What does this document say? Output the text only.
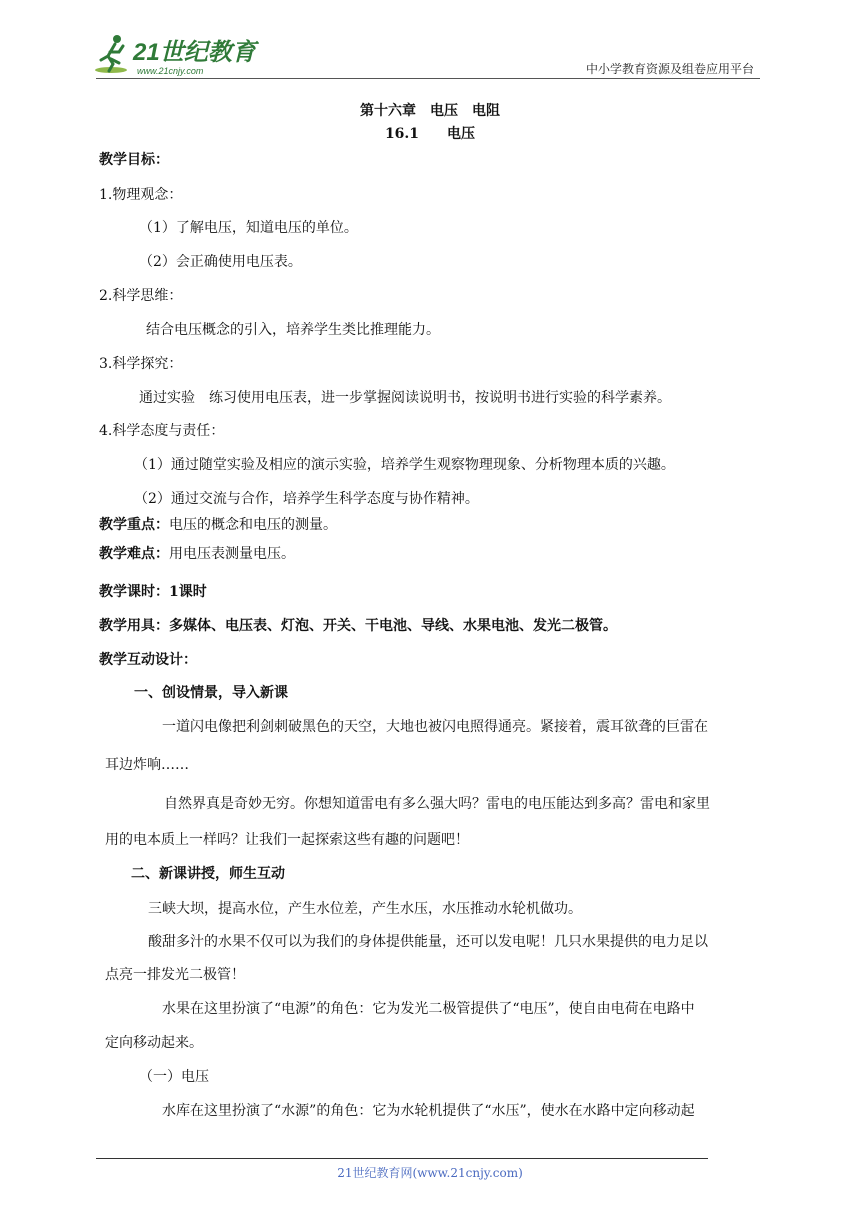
21世纪教育
www.21cnjy.com	中小学教育资源及组卷应用平台
第十六章　电压　电阻
16.1　　电压
教学目标：
1.物理观念：
（1）了解电压，知道电压的单位。
（2）会正确使用电压表。
2.科学思维：
结合电压概念的引入，培养学生类比推理能力。
3.科学探究：
通过实验　练习使用电压表，进一步掌握阅读说明书，按说明书进行实验的科学素养。
4.科学态度与责任：
（1）通过随堂实验及相应的演示实验，培养学生观察物理现象、分析物理本质的兴趣。
（2）通过交流与合作，培养学生科学态度与协作精神。
教学重点：电压的概念和电压的测量。
教学难点：用电压表测量电压。
教学课时：1课时
教学用具：多媒体、电压表、灯泡、开关、干电池、导线、水果电池、发光二极管。
教学互动设计：
一、创设情景，导入新课
一道闪电像把利剑刺破黑色的天空，大地也被闪电照得通亮。紧接着，震耳欲聋的巨雷在
耳边炸响……
自然界真是奇妙无穷。你想知道雷电有多么强大吗？雷电的电压能达到多高？雷电和家里
用的电本质上一样吗？让我们一起探索这些有趣的问题吧！
二、新课讲授，师生互动
三峡大坝，提高水位，产生水位差，产生水压，水压推动水轮机做功。
酸甜多汁的水果不仅可以为我们的身体提供能量，还可以发电呢！几只水果提供的电力足以
点亮一排发光二极管！
水果在这里扮演了“电源”的角色：它为发光二极管提供了“电压”，使自由电荷在电路中
定向移动起来。
（一）电压
水库在这里扮演了“水源”的角色：它为水轮机提供了“水压”，使水在水路中定向移动起
21世纪教育网(www.21cnjy.com)
